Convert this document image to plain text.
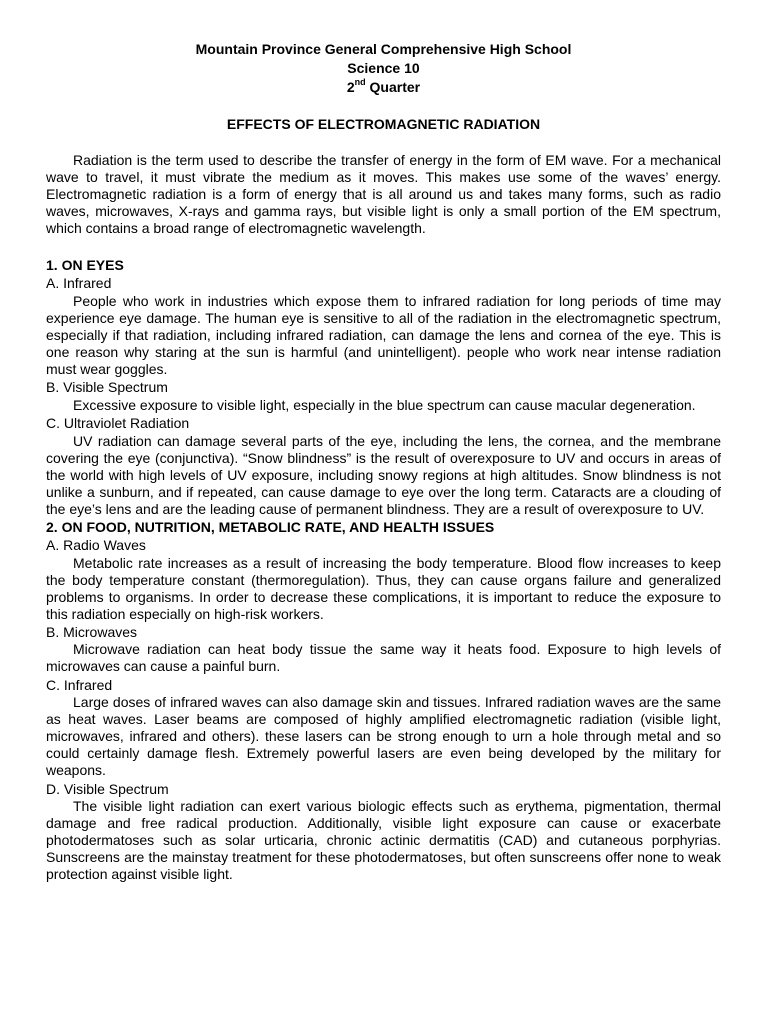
Mountain Province General Comprehensive High School
Science 10
2nd Quarter
EFFECTS OF ELECTROMAGNETIC RADIATION

Radiation is the term used to describe the transfer of energy in the form of EM wave. For a mechanical wave to travel, it must vibrate the medium as it moves. This makes use some of the waves’ energy. Electromagnetic radiation is a form of energy that is all around us and takes many forms, such as radio waves, microwaves, X-rays and gamma rays, but visible light is only a small portion of the EM spectrum, which contains a broad range of electromagnetic wavelength.

1. ON EYES
A. Infrared

People who work in industries which expose them to infrared radiation for long periods of time may experience eye damage. The human eye is sensitive to all of the radiation in the electromagnetic spectrum, especially if that radiation, including infrared radiation, can damage the lens and cornea of the eye. This is one reason why staring at the sun is harmful (and unintelligent). people who work near intense radiation must wear goggles.

B. Visible Spectrum

Excessive exposure to visible light, especially in the blue spectrum can cause macular degeneration.

C. Ultraviolet Radiation

UV radiation can damage several parts of the eye, including the lens, the cornea, and the membrane covering the eye (conjunctiva). “Snow blindness” is the result of overexposure to UV and occurs in areas of the world with high levels of UV exposure, including snowy regions at high altitudes. Snow blindness is not unlike a sunburn, and if repeated, can cause damage to eye over the long term. Cataracts are a clouding of the eye’s lens and are the leading cause of permanent blindness. They are a result of overexposure to UV.

2. ON FOOD, NUTRITION, METABOLIC RATE, AND HEALTH ISSUES
A. Radio Waves

Metabolic rate increases as a result of increasing the body temperature. Blood flow increases to keep the body temperature constant (thermoregulation). Thus, they can cause organs failure and generalized problems to organisms. In order to decrease these complications, it is important to reduce the exposure to this radiation especially on high-risk workers.

B. Microwaves

Microwave radiation can heat body tissue the same way it heats food. Exposure to high levels of microwaves can cause a painful burn.

C. Infrared

Large doses of infrared waves can also damage skin and tissues. Infrared radiation waves are the same as heat waves. Laser beams are composed of highly amplified electromagnetic radiation (visible light, microwaves, infrared and others). these lasers can be strong enough to urn a hole through metal and so could certainly damage flesh. Extremely powerful lasers are even being developed by the military for weapons.

D. Visible Spectrum

The visible light radiation can exert various biologic effects such as erythema, pigmentation, thermal damage and free radical production. Additionally, visible light exposure can cause or exacerbate photodermatoses such as solar urticaria, chronic actinic dermatitis (CAD) and cutaneous porphyrias. Sunscreens are the mainstay treatment for these photodermatoses, but often sunscreens offer none to weak protection against visible light.
